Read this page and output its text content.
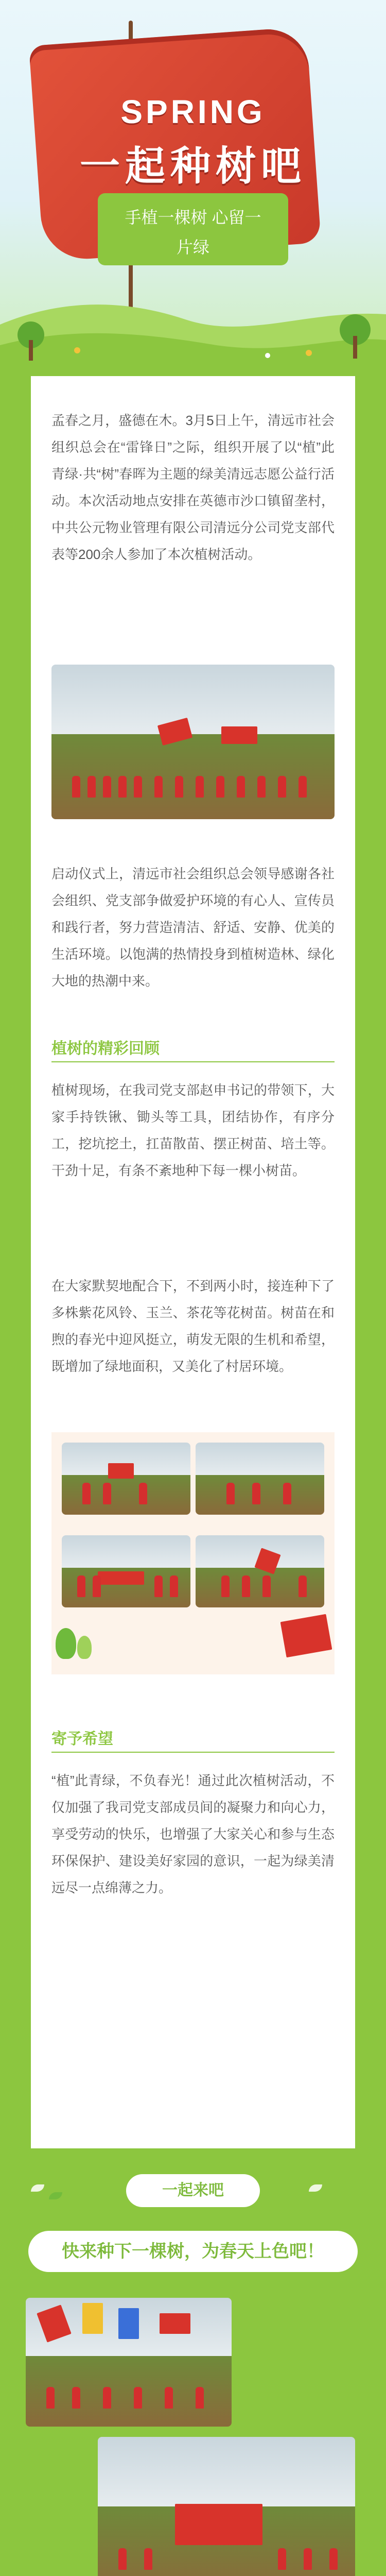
SPRING
一起种树吧
手植一棵树 心留一
片绿

孟春之月，盛德在木。3月5日上午，清远市社会组织总会在“雷锋日”之际，组织开展了以“植”此青绿·共“树”春晖为主题的绿美清远志愿公益行活动。本次活动地点安排在英德市沙口镇留垄村，中共公元物业管理有限公司清远分公司党支部代表等200余人参加了本次植树活动。

启动仪式上，清远市社会组织总会领导感谢各社会组织、党支部争做爱护环境的有心人、宣传员和践行者，努力营造清洁、舒适、安静、优美的生活环境。以饱满的热情投身到植树造林、绿化大地的热潮中来。

植树的精彩回顾

植树现场，在我司党支部赵申书记的带领下，大家手持铁锹、锄头等工具，团结协作，有序分工，挖坑挖土，扛苗散苗、摆正树苗、培土等。干劲十足，有条不紊地种下每一棵小树苗。

在大家默契地配合下，不到两小时，接连种下了多株紫花风铃、玉兰、茶花等花树苗。树苗在和煦的春光中迎风挺立，萌发无限的生机和希望，既增加了绿地面积，又美化了村居环境。

寄予希望

“植”此青绿，不负春光！通过此次植树活动，不仅加强了我司党支部成员间的凝聚力和向心力，享受劳动的快乐，也增强了大家关心和参与生态环保保护、建设美好家园的意识，一起为绿美清远尽一点绵薄之力。

一起来吧
快来种下一棵树，为春天上色吧！
